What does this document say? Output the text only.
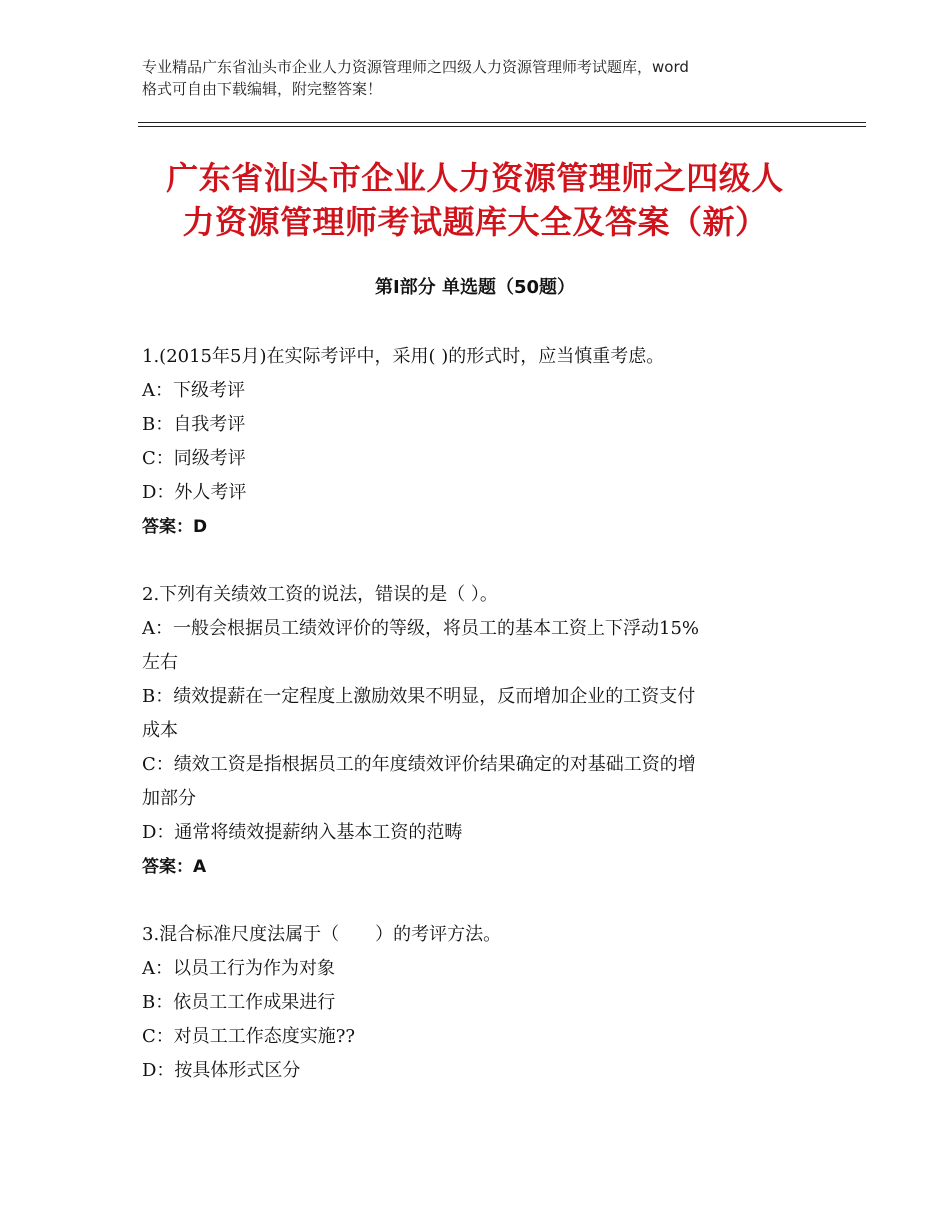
专业精品广东省汕头市企业人力资源管理师之四级人力资源管理师考试题库，word
格式可自由下载编辑，附完整答案！
广东省汕头市企业人力资源管理师之四级人
力资源管理师考试题库大全及答案（新）
第Ⅰ部分 单选题（50题）

1.(2015年5月)在实际考评中，采用( )的形式时，应当慎重考虑。

A：下级考评

B：自我考评

C：同级考评

D：外人考评

答案：D

2.下列有关绩效工资的说法，错误的是（ ）。

A：一般会根据员工绩效评价的等级，将员工的基本工资上下浮动15%

左右

B：绩效提薪在一定程度上激励效果不明显，反而增加企业的工资支付

成本

C：绩效工资是指根据员工的年度绩效评价结果确定的对基础工资的增

加部分

D：通常将绩效提薪纳入基本工资的范畴

答案：A

3.混合标准尺度法属于（　　）的考评方法。

A：以员工行为作为对象

B：依员工工作成果进行

C：对员工工作态度实施??

D：按具体形式区分
